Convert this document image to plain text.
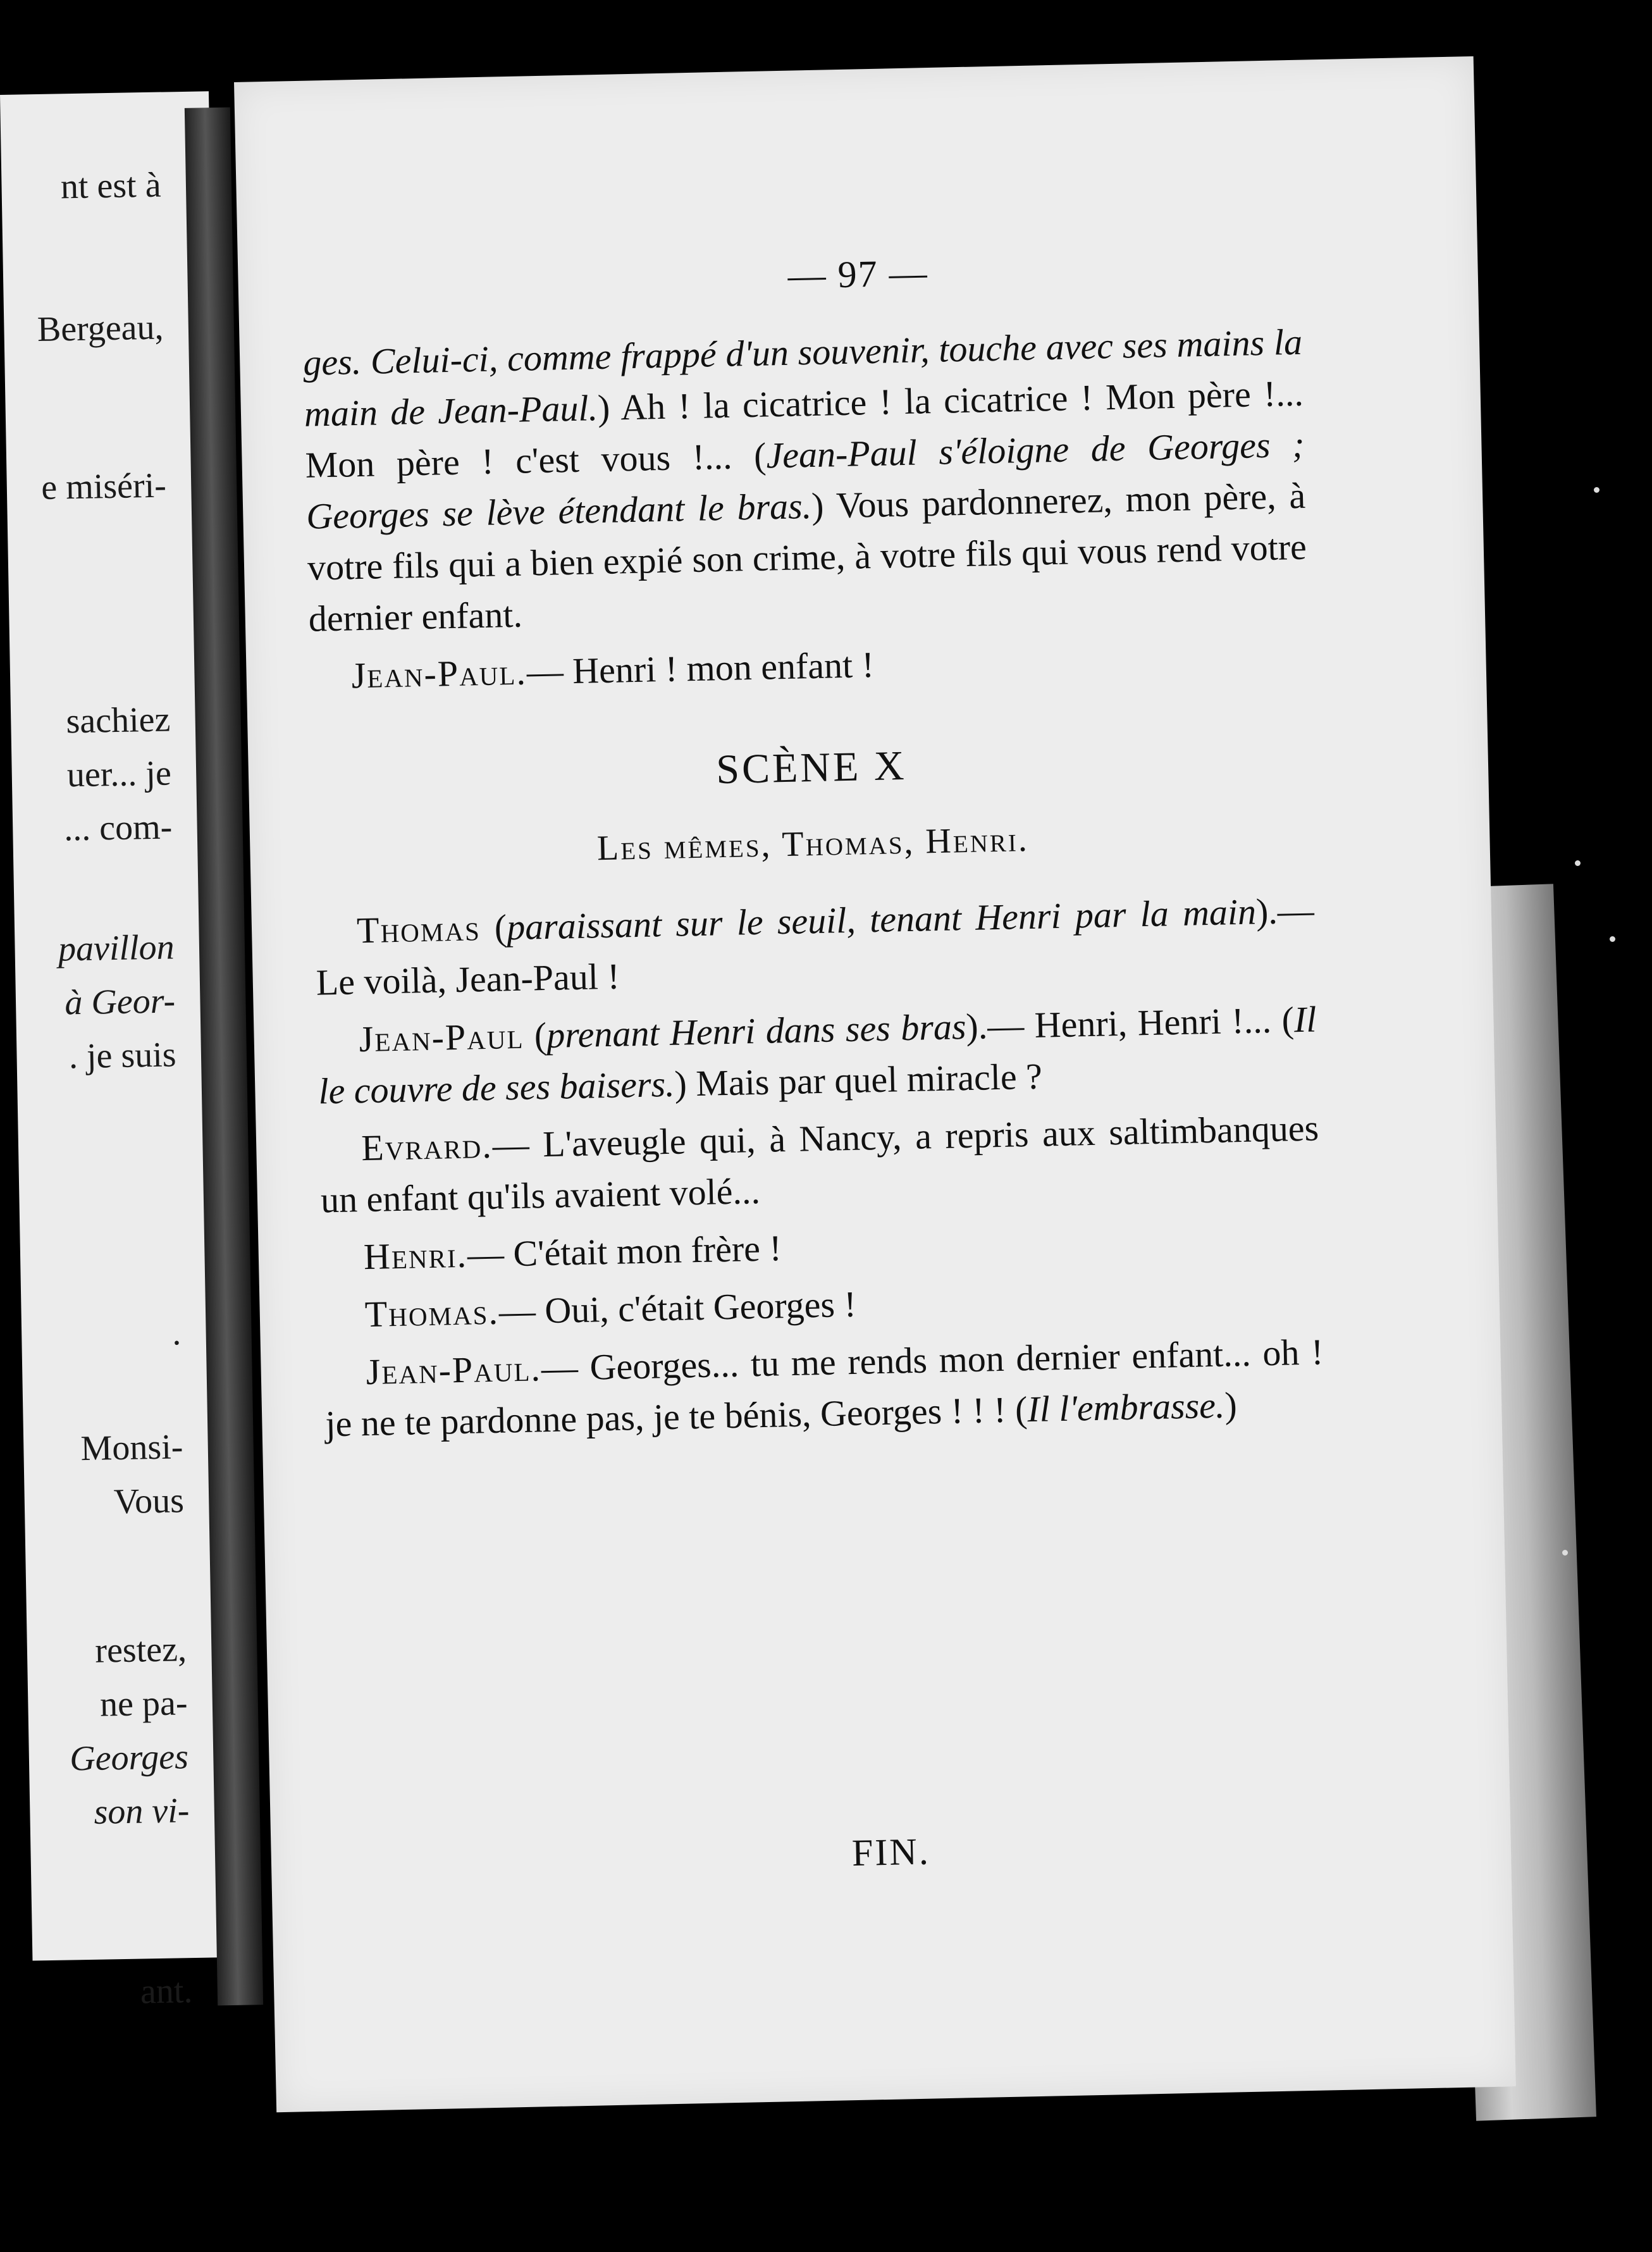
nt est à
Bergeau,
e miséri-
sachiez
uer... je
... com-
pavillon
à Geor-
. je suis
.
Monsi-
Vous
restez,
ne pa-
Georges
son vi-
ant.
— 97 —

ges. Celui-ci, comme frappé d'un souvenir, touche avec ses mains la main de Jean-Paul.) Ah ! la cicatrice ! la cicatrice ! Mon père !... Mon père ! c'est vous !... (Jean-Paul s'éloigne de Georges ; Georges se lève étendant le bras.) Vous pardonnerez, mon père, à votre fils qui a bien expié son crime, à votre fils qui vous rend votre dernier enfant.

Jean-Paul.— Henri ! mon enfant !

SCÈNE X
Les mêmes, Thomas, Henri.

Thomas (paraissant sur le seuil, tenant Henri par la main).— Le voilà, Jean-Paul !

Jean-Paul (prenant Henri dans ses bras).— Henri, Henri !... (Il le couvre de ses baisers.) Mais par quel miracle ?

Evrard.— L'aveugle qui, à Nancy, a repris aux saltimbanques un enfant qu'ils avaient volé...

Henri.— C'était mon frère !

Thomas.— Oui, c'était Georges !

Jean-Paul.— Georges... tu me rends mon dernier enfant... oh ! je ne te pardonne pas, je te bénis, Georges ! ! ! (Il l'embrasse.)

FIN.
